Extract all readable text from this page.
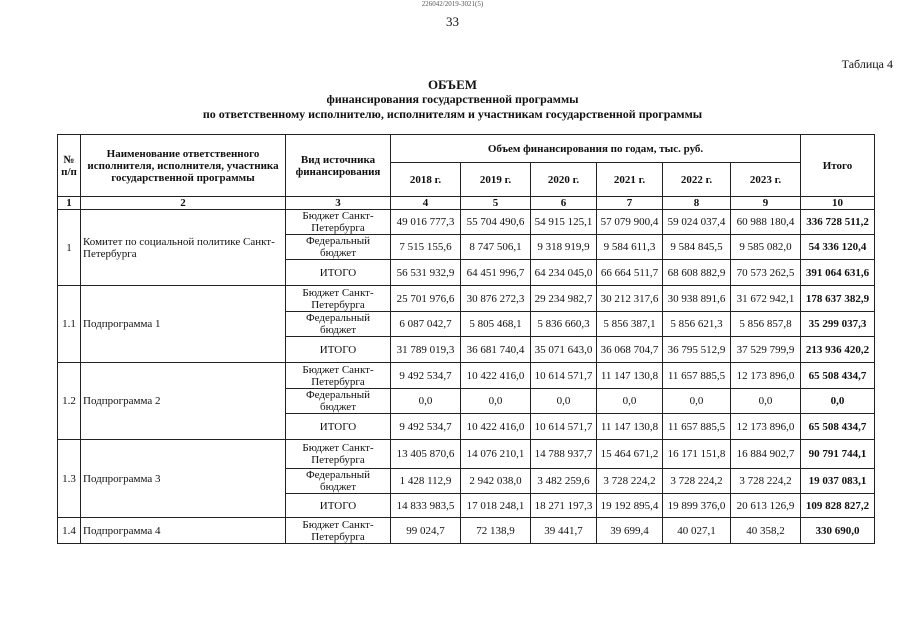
226042/2019-3021(5)
33
Таблица 4
ОБЪЕМ
финансирования государственной программы
по ответственному исполнителю, исполнителям и участникам государственной программы
№ п/п	Наименование ответственного исполнителя, исполнителя, участника государственной программы	Вид источника финансирования	Объем финансирования по годам, тыс. руб.						Итого
			2018 г.	2019 г.	2020 г.	2021 г.	2022 г.	2023 г.	
1	2	3	4	5	6	7	8	9	10
1	Комитет по социальной политике Санкт-Петербурга	Бюджет Санкт-Петербурга	49 016 777,3	55 704 490,6	54 915 125,1	57 079 900,4	59 024 037,4	60 988 180,4	336 728 511,2
		Федеральный бюджет	7 515 155,6	8 747 506,1	9 318 919,9	9 584 611,3	9 584 845,5	9 585 082,0	54 336 120,4
		ИТОГО	56 531 932,9	64 451 996,7	64 234 045,0	66 664 511,7	68 608 882,9	70 573 262,5	391 064 631,6
1.1	Подпрограмма 1	Бюджет Санкт-Петербурга	25 701 976,6	30 876 272,3	29 234 982,7	30 212 317,6	30 938 891,6	31 672 942,1	178 637 382,9
		Федеральный бюджет	6 087 042,7	5 805 468,1	5 836 660,3	5 856 387,1	5 856 621,3	5 856 857,8	35 299 037,3
		ИТОГО	31 789 019,3	36 681 740,4	35 071 643,0	36 068 704,7	36 795 512,9	37 529 799,9	213 936 420,2
1.2	Подпрограмма 2	Бюджет Санкт-Петербурга	9 492 534,7	10 422 416,0	10 614 571,7	11 147 130,8	11 657 885,5	12 173 896,0	65 508 434,7
		Федеральный бюджет	0,0	0,0	0,0	0,0	0,0	0,0	0,0
		ИТОГО	9 492 534,7	10 422 416,0	10 614 571,7	11 147 130,8	11 657 885,5	12 173 896,0	65 508 434,7
1.3	Подпрограмма 3	Бюджет Санкт-Петербурга	13 405 870,6	14 076 210,1	14 788 937,7	15 464 671,2	16 171 151,8	16 884 902,7	90 791 744,1
		Федеральный бюджет	1 428 112,9	2 942 038,0	3 482 259,6	3 728 224,2	3 728 224,2	3 728 224,2	19 037 083,1
		ИТОГО	14 833 983,5	17 018 248,1	18 271 197,3	19 192 895,4	19 899 376,0	20 613 126,9	109 828 827,2
1.4	Подпрограмма 4	Бюджет Санкт-Петербурга	99 024,7	72 138,9	39 441,7	39 699,4	40 027,1	40 358,2	330 690,0
